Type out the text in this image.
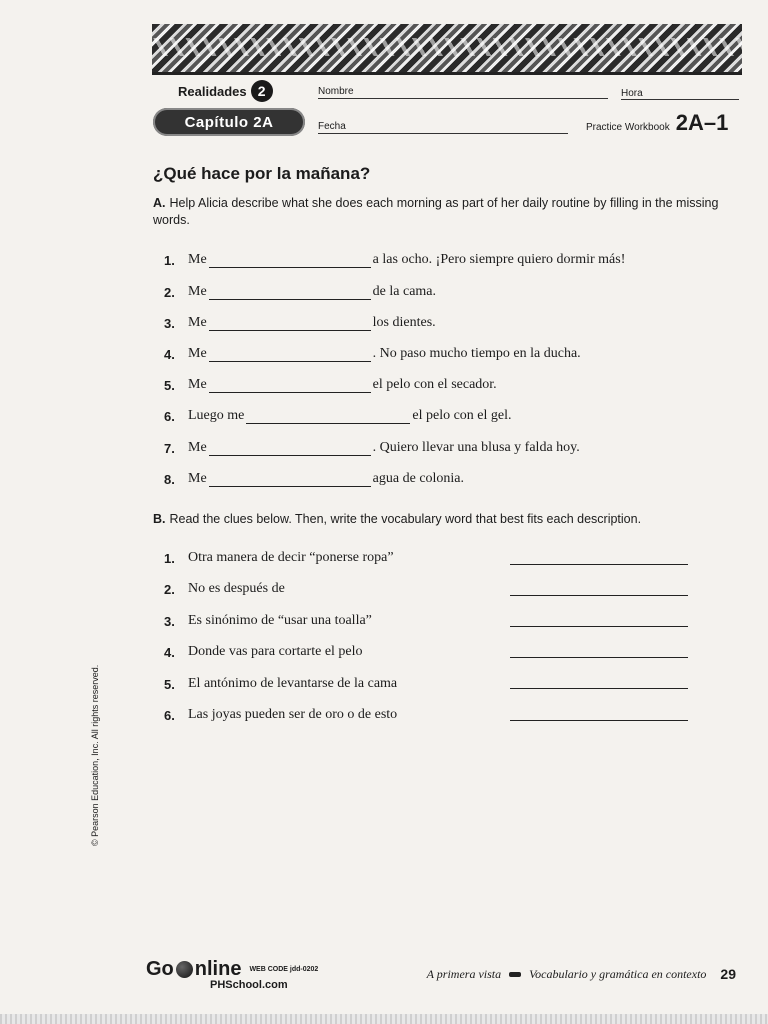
Realidades 2
Capítulo 2A
Nombre	Hora
Fecha	Practice Workbook 2A–1
¿Qué hace por la mañana?
A. Help Alicia describe what she does each morning as part of her daily routine by filling in the missing words.
1. Me	a las ocho. ¡Pero siempre quiero dormir más!
2. Me	de la cama.
3. Me	los dientes.
4. Me	. No paso mucho tiempo en la ducha.
5. Me	el pelo con el secador.
6. Luego me	el pelo con el gel.
7. Me	. Quiero llevar una blusa y falda hoy.
8. Me	agua de colonia.
B. Read the clues below. Then, write the vocabulary word that best fits each description.
1. Otra manera de decir “ponerse ropa”
2. No es después de
3. Es sinónimo de “usar una toalla”
4. Donde vas para cortarte el pelo
5. El antónimo de levantarse de la cama
6. Las joyas pueden ser de oro o de esto
© Pearson Education, Inc. All rights reserved.
Go nline WEB CODE jdd-0202
PHSchool.com
A primera vista Vocabulario y gramática en contexto 29
